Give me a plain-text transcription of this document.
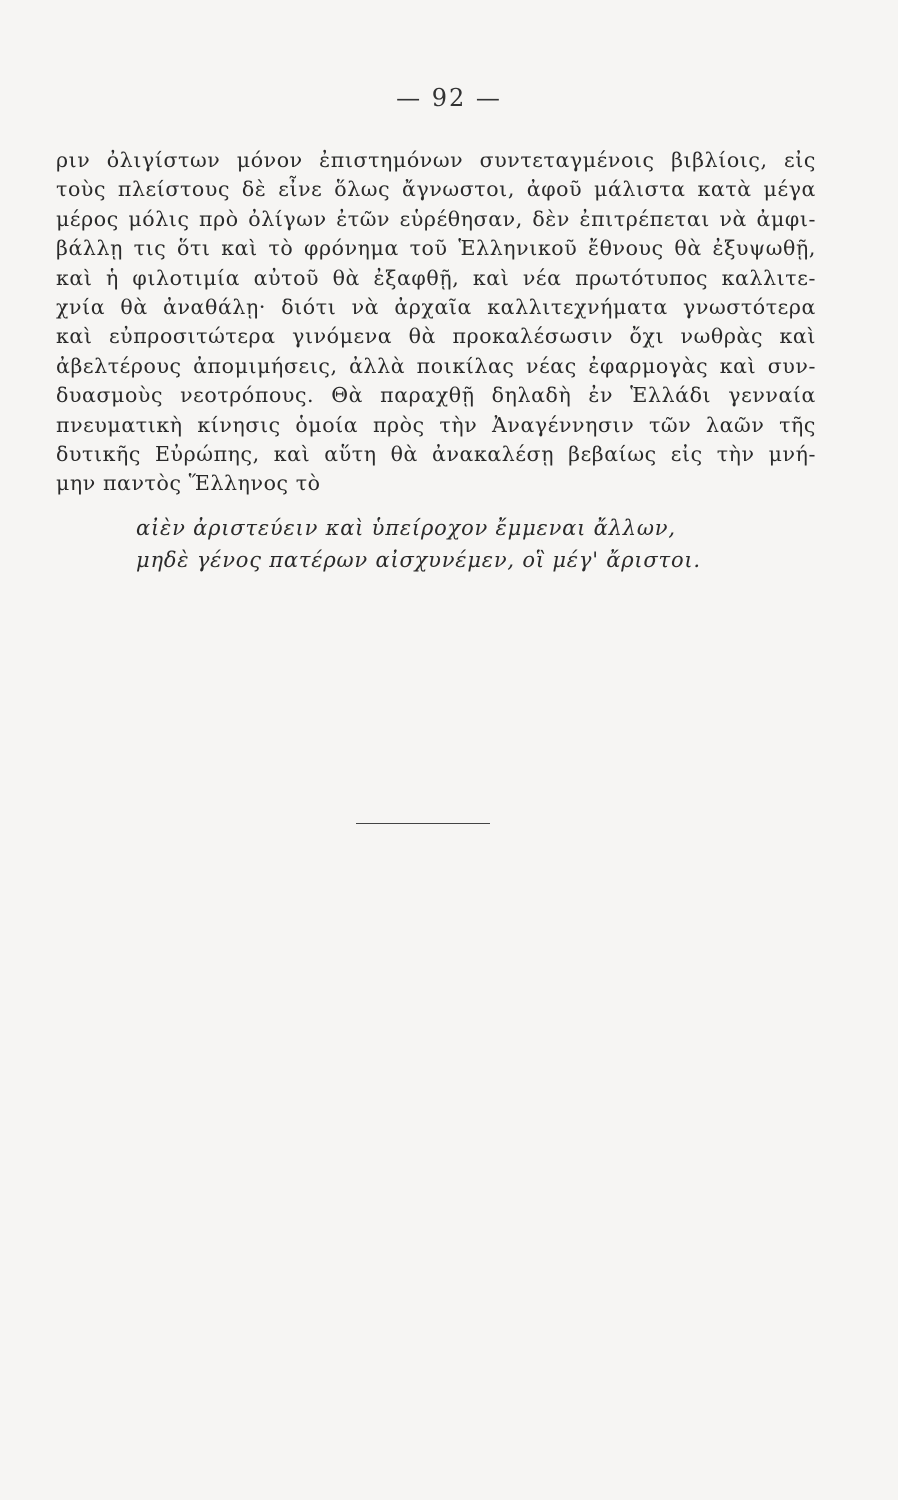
— 92 —
ριν ὀλιγίστων μόνον ἐπιστημόνων συντεταγμένοις βιβλίοις, εἰς
τοὺς πλείστους δὲ εἶνε ὅλως ἄγνωστοι, ἀφοῦ μάλιστα κατὰ μέγα
μέρος μόλις πρὸ ὀλίγων ἐτῶν εὑρέθησαν, δὲν ἐπιτρέπεται νὰ ἀμφι-
βάλλῃ τις ὅτι καὶ τὸ φρόνημα τοῦ Ἑλληνικοῦ ἔθνους θὰ ἐξυψωθῇ,
καὶ ἡ φιλοτιμία αὐτοῦ θὰ ἐξαφθῇ, καὶ νέα πρωτότυπος καλλιτε-
χνία θὰ ἀναθάλῃ· διότι νὰ ἀρχαῖα καλλιτεχνήματα γνωστότερα
καὶ εὐπροσιτώτερα γινόμενα θὰ προκαλέσωσιν ὄχι νωθρὰς καὶ
ἀβελτέρους ἀπομιμήσεις, ἀλλὰ ποικίλας νέας ἐφαρμογὰς καὶ συν-
δυασμοὺς νεοτρόπους. Θὰ παραχθῇ δηλαδὴ ἐν Ἑλλάδι γενναία
πνευματικὴ κίνησις ὁμοία πρὸς τὴν Ἀναγέννησιν τῶν λαῶν τῆς
δυτικῆς Εὐρώπης, καὶ αὕτη θὰ ἀνακαλέσῃ βεβαίως εἰς τὴν μνή-
μην παντὸς Ἕλληνος τὸ
αἰὲν ἀριστεύειν καὶ ὑπείροχον ἔμμεναι ἄλλων,
μηδὲ γένος πατέρων αἰσχυνέμεν, οἳ μέγ' ἄριστοι.
